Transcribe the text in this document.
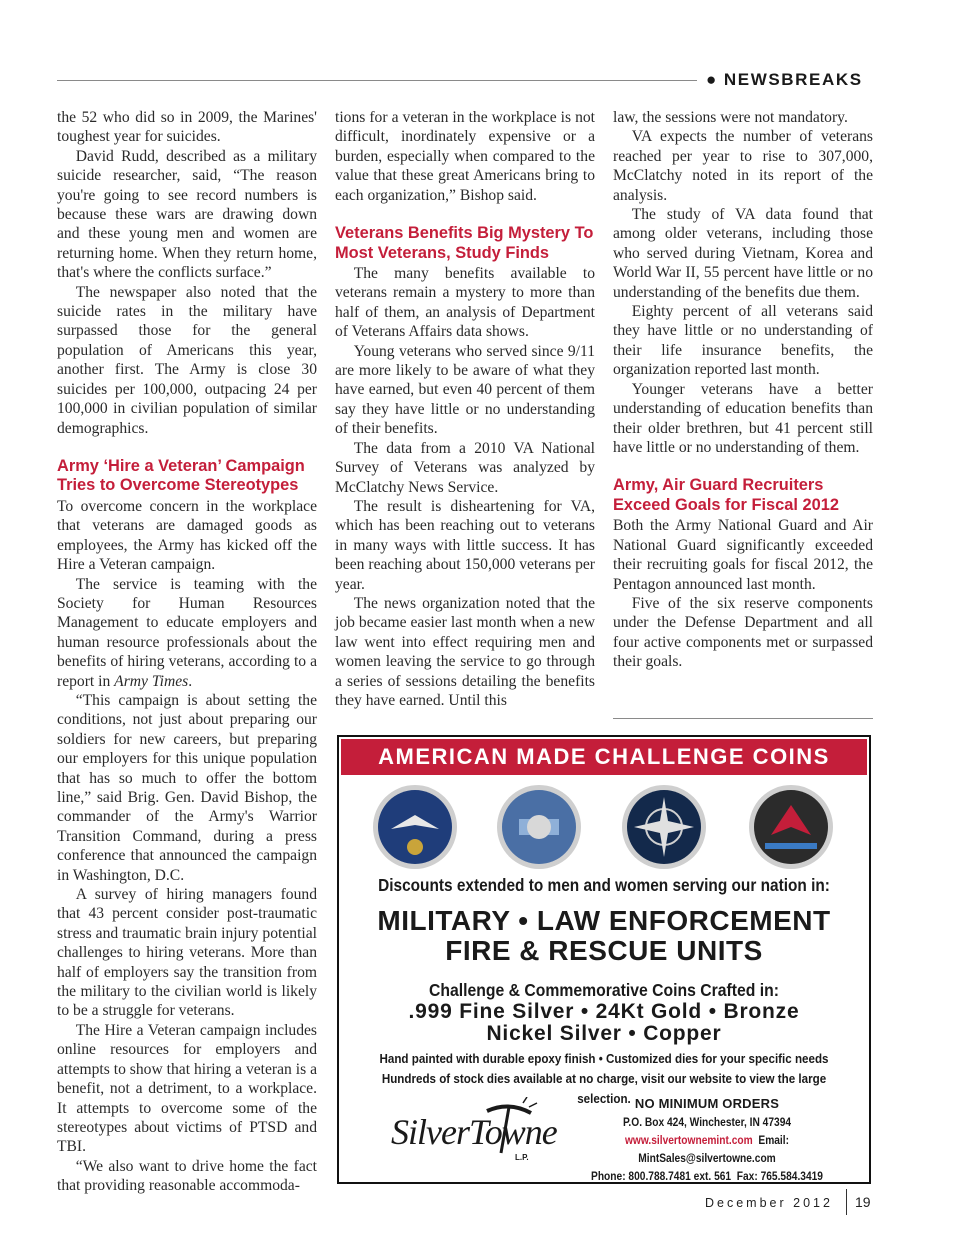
● NEWSBREAKS

the 52 who did so in 2009, the Marines' toughest year for suicides.

David Rudd, described as a military suicide researcher, said, “The reason you're going to see record numbers is because these wars are drawing down and these young men and women are returning home. When they return home, that's where the conflicts surface.”

The newspaper also noted that the suicide rates in the military have surpassed those for the general population of Americans this year, another first. The Army is close 30 suicides per 100,000, outpacing 24 per 100,000 in civilian population of similar demographics.

Army ‘Hire a Veteran’ Campaign Tries to Overcome Stereotypes

To overcome concern in the workplace that veterans are damaged goods as employees, the Army has kicked off the Hire a Veteran campaign.

The service is teaming with the Society for Human Resources Management to educate employers and human resource professionals about the benefits of hiring veterans, according to a report in Army Times.

“This campaign is about setting the conditions, not just about preparing our soldiers for new careers, but preparing our employers for this unique population that has so much to offer the bottom line,” said Brig. Gen. David Bishop, the commander of the Army's Warrior Transition Command, during a press conference that announced the campaign in Washington, D.C.

A survey of hiring managers found that 43 percent consider post-traumatic stress and traumatic brain injury potential challenges to hiring veterans. More than half of employers say the transition from the military to the civilian world is likely to be a struggle for veterans.

The Hire a Veteran campaign includes online resources for employers and attempts to show that hiring a veteran is a benefit, not a detriment, to a workplace. It attempts to overcome some of the stereotypes about victims of PTSD and TBI.

“We also want to drive home the fact that providing reasonable accommoda-

tions for a veteran in the workplace is not difficult, inordinately expensive or a burden, especially when compared to the value that these great Americans bring to each organization,” Bishop said.

Veterans Benefits Big Mystery To Most Veterans, Study Finds

The many benefits available to veterans remain a mystery to more than half of them, an analysis of Department of Veterans Affairs data shows.

Young veterans who served since 9/11 are more likely to be aware of what they have earned, but even 40 percent of them say they have little or no understanding of their benefits.

The data from a 2010 VA National Survey of Veterans was analyzed by McClatchy News Service.

The result is disheartening for VA, which has been reaching out to veterans in many ways with little success. It has been reaching about 150,000 veterans per year.

The news organization noted that the job became easier last month when a new law went into effect requiring men and women leaving the service to go through a series of sessions detailing the benefits they have earned. Until this

law, the sessions were not mandatory.

VA expects the number of veterans reached per year to rise to 307,000, McClatchy noted in its report of the analysis.

The study of VA data found that among older veterans, including those who served during Vietnam, Korea and World War II, 55 percent have little or no understanding of the benefits due them.

Eighty percent of all veterans said they have little or no understanding of their life insurance benefits, the organization reported last month.

Younger veterans have a better understanding of education benefits than their older brethren, but 41 percent still have little or no understanding of them.

Army, Air Guard Recruiters Exceed Goals for Fiscal 2012

Both the Army National Guard and Air National Guard significantly exceeded their recruiting goals for fiscal 2012, the Pentagon announced last month.

Five of the six reserve components under the Defense Department and all four active components met or surpassed their goals.

AMERICAN MADE CHALLENGE COINS
Discounts extended to men and women serving our nation in:
MILITARY • LAW ENFORCEMENT
FIRE & RESCUE UNITS
Challenge & Commemorative Coins Crafted in:
.999 Fine Silver • 24Kt Gold • Bronze
Nickel Silver • Copper
Hand painted with durable epoxy finish • Customized dies for your specific needs
Hundreds of stock dies available at no charge, visit our website to view the large selection.
SilverTowne
L.P.
NO MINIMUM ORDERS
P.O. Box 424, Winchester, IN 47394
www.silvertownemint.com Email: MintSales@silvertowne.com
Phone: 800.788.7481 ext. 561 Fax: 765.584.3419
December 2012 19
